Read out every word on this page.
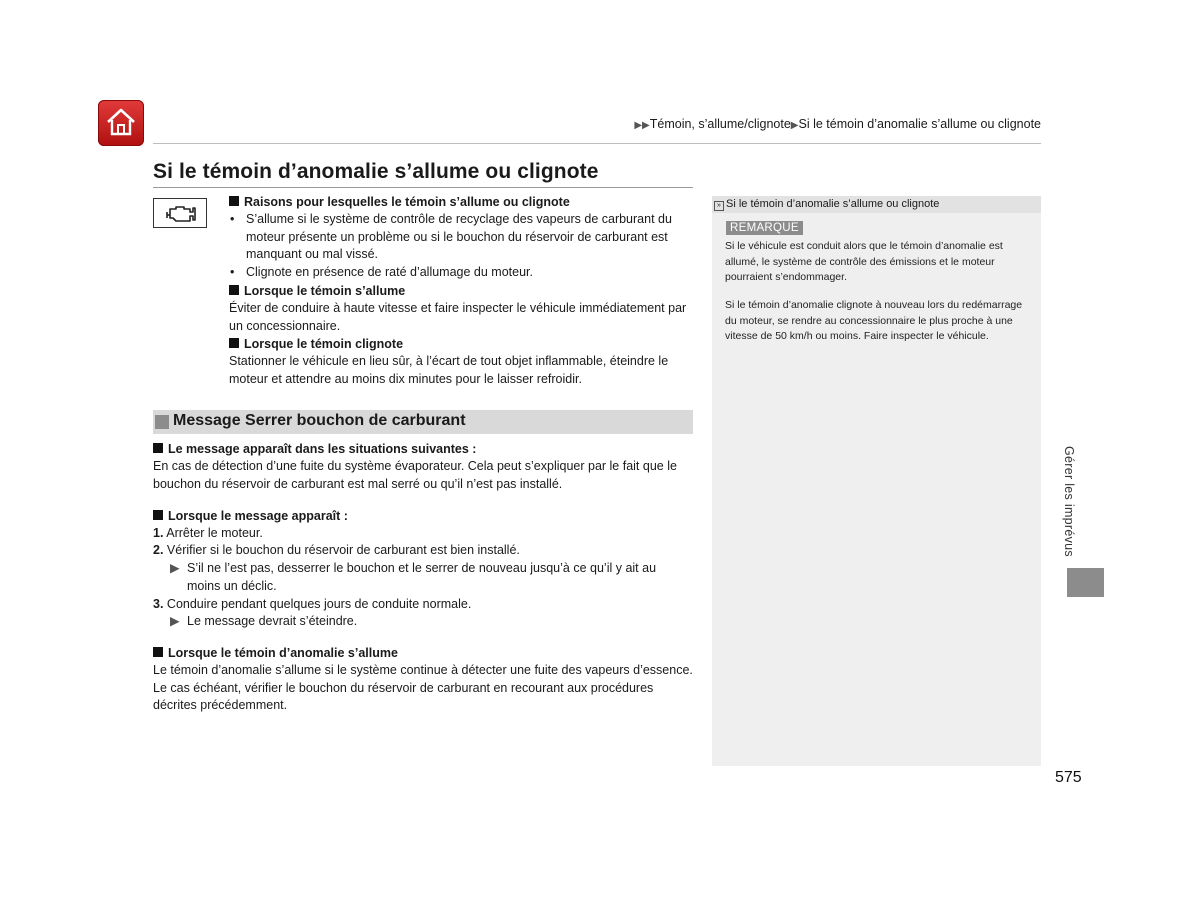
▶▶Témoin, s’allume/clignote▶Si le témoin d’anomalie s’allume ou clignote
Si le témoin d’anomalie s’allume ou clignote
Raisons pour lesquelles le témoin s’allume ou clignote
• S’allume si le système de contrôle de recyclage des vapeurs de carburant du moteur présente un problème ou si le bouchon du réservoir de carburant est manquant ou mal vissé.
• Clignote en présence de raté d’allumage du moteur.
Lorsque le témoin s’allume
Éviter de conduire à haute vitesse et faire inspecter le véhicule immédiatement par un concessionnaire.
Lorsque le témoin clignote
Stationner le véhicule en lieu sûr, à l’écart de tout objet inflammable, éteindre le moteur et attendre au moins dix minutes pour le laisser refroidir.
Message Serrer bouchon de carburant
Le message apparaît dans les situations suivantes :
En cas de détection d’une fuite du système évaporateur. Cela peut s’expliquer par le fait que le bouchon du réservoir de carburant est mal serré ou qu’il n’est pas installé.
Lorsque le message apparaît :
1. Arrêter le moteur.
2. Vérifier si le bouchon du réservoir de carburant est bien installé.
▶ S’il ne l’est pas, desserrer le bouchon et le serrer de nouveau jusqu’à ce qu’il y ait au moins un déclic.
3. Conduire pendant quelques jours de conduite normale.
▶ Le message devrait s’éteindre.
Lorsque le témoin d’anomalie s’allume
Le témoin d’anomalie s’allume si le système continue à détecter une fuite des vapeurs d’essence. Le cas échéant, vérifier le bouchon du réservoir de carburant en recourant aux procédures décrites précédemment.
» Si le témoin d’anomalie s’allume ou clignote
REMARQUE
Si le véhicule est conduit alors que le témoin d’anomalie est allumé, le système de contrôle des émissions et le moteur pourraient s’endommager.
Si le témoin d’anomalie clignote à nouveau lors du redémarrage du moteur, se rendre au concessionnaire le plus proche à une vitesse de 50 km/h ou moins. Faire inspecter le véhicule.
Gérer les imprévus
575
